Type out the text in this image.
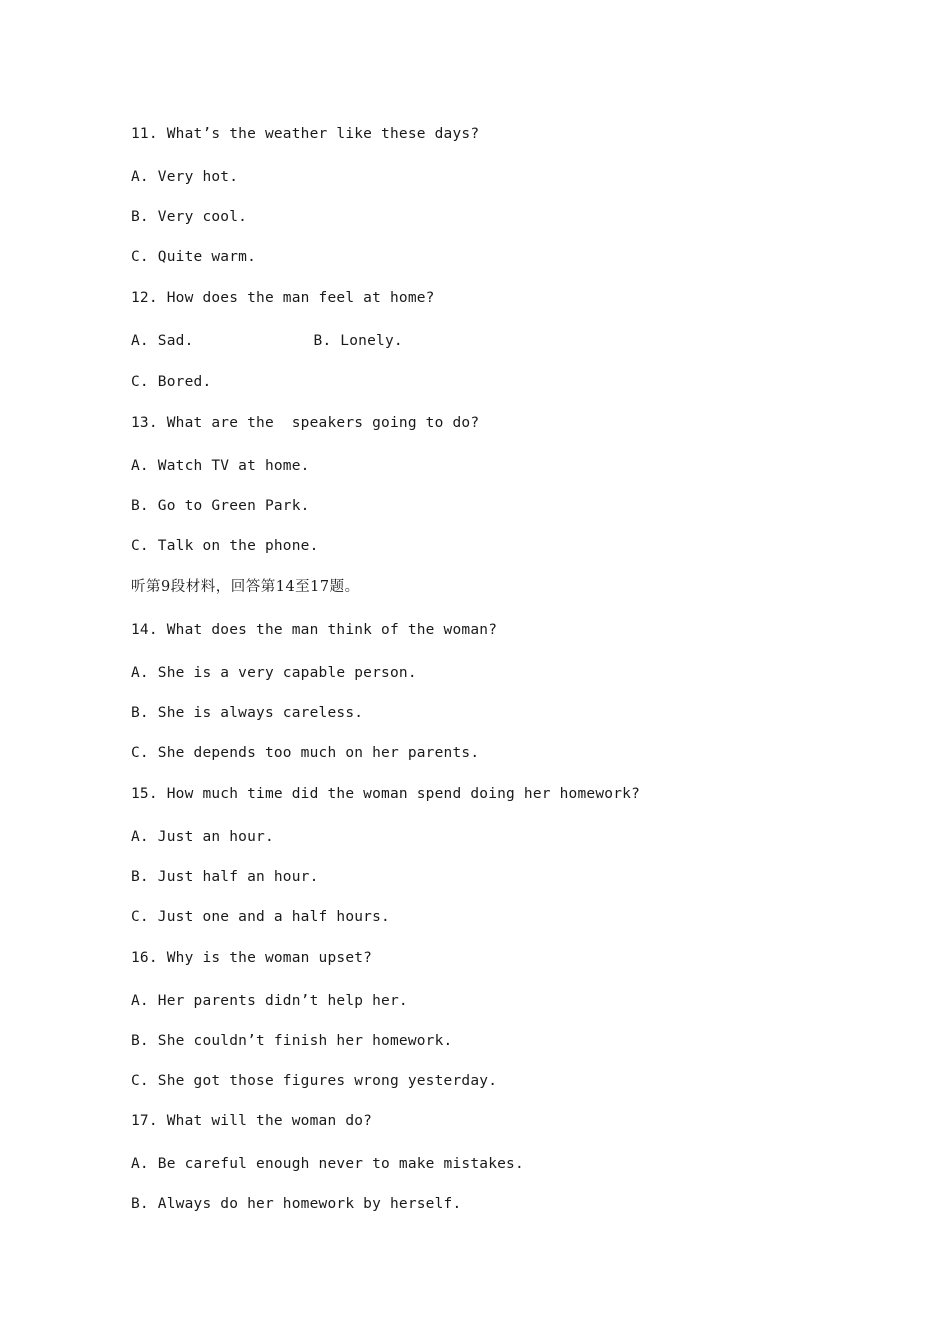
11. What’s the weather like these days?
A. Very hot.
B. Very cool.
C. Quite warm.
12. How does the man feel at home?
A. Sad.	B. Lonely.
C. Bored.
13. What are the  speakers going to do?
A. Watch TV at home.
B. Go to Green Park.
C. Talk on the phone.
听第9段材料，回答第14至17题。
14. What does the man think of the woman?
A. She is a very capable person.
B. She is always careless.
C. She depends too much on her parents.
15. How much time did the woman spend doing her homework?
A. Just an hour.
B. Just half an hour.
C. Just one and a half hours.
16. Why is the woman upset?
A. Her parents didn’t help her.
B. She couldn’t finish her homework.
C. She got those figures wrong yesterday.
17. What will the woman do?
A. Be careful enough never to make mistakes.
B. Always do her homework by herself.
